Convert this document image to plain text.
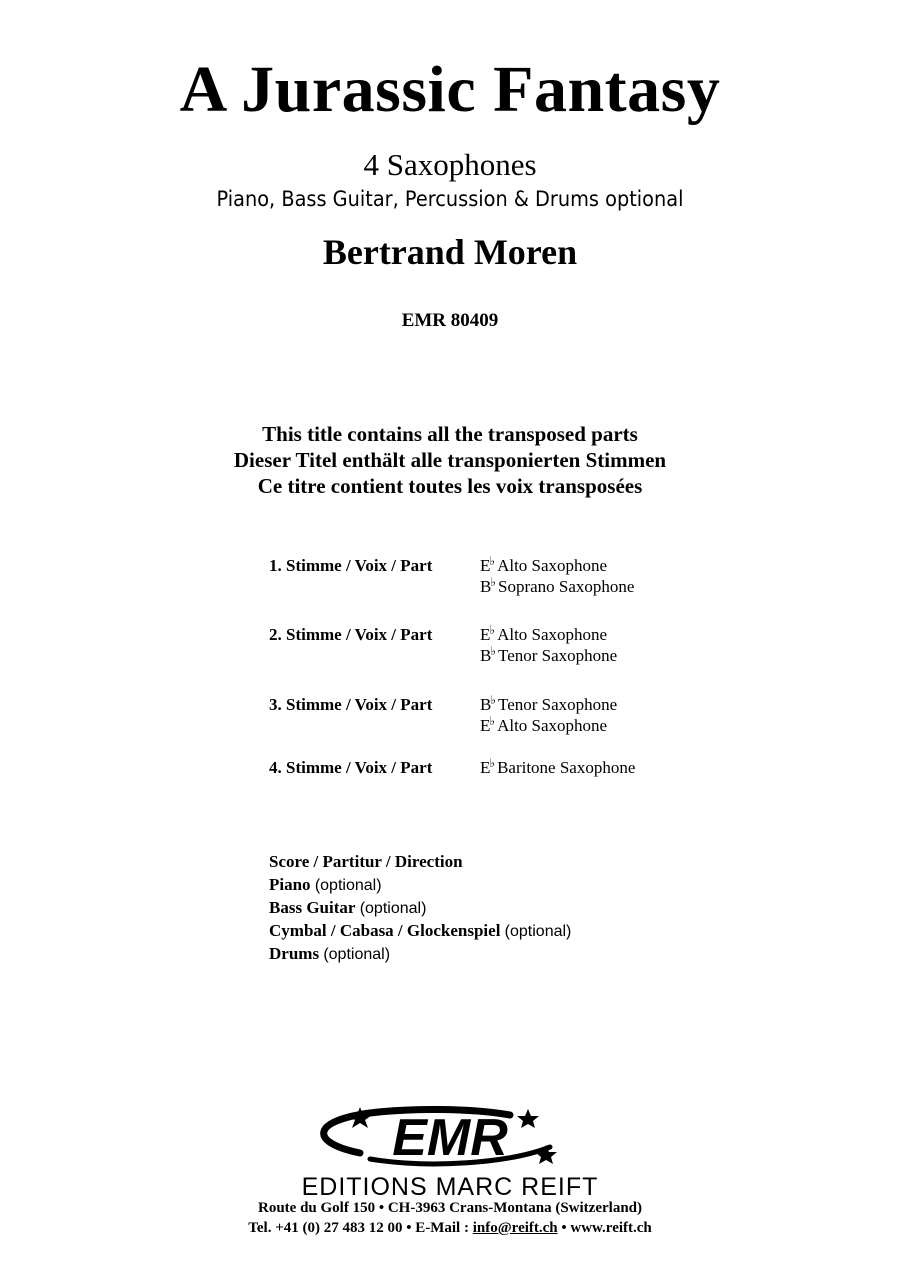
A Jurassic Fantasy
4 Saxophones
Piano, Bass Guitar, Percussion & Drums optional
Bertrand Moren
EMR 80409
This title contains all the transposed parts
Dieser Titel enthält alle transponierten Stimmen
Ce titre contient toutes les voix transposées
1. Stimme / Voix / Part	E♭ Alto Saxophone
B♭ Soprano Saxophone
2. Stimme / Voix / Part	E♭ Alto Saxophone
B♭ Tenor Saxophone
3. Stimme / Voix / Part	B♭ Tenor Saxophone
E♭ Alto Saxophone
4. Stimme / Voix / Part	E♭ Baritone Saxophone
Score / Partitur / Direction
Piano (optional)
Bass Guitar (optional)
Cymbal / Cabasa / Glockenspiel (optional)
Drums (optional)
EMR
EDITIONS MARC REIFT
Route du Golf 150 • CH-3963 Crans-Montana (Switzerland)
Tel. +41 (0) 27 483 12 00 • E-Mail : info@reift.ch • www.reift.ch
